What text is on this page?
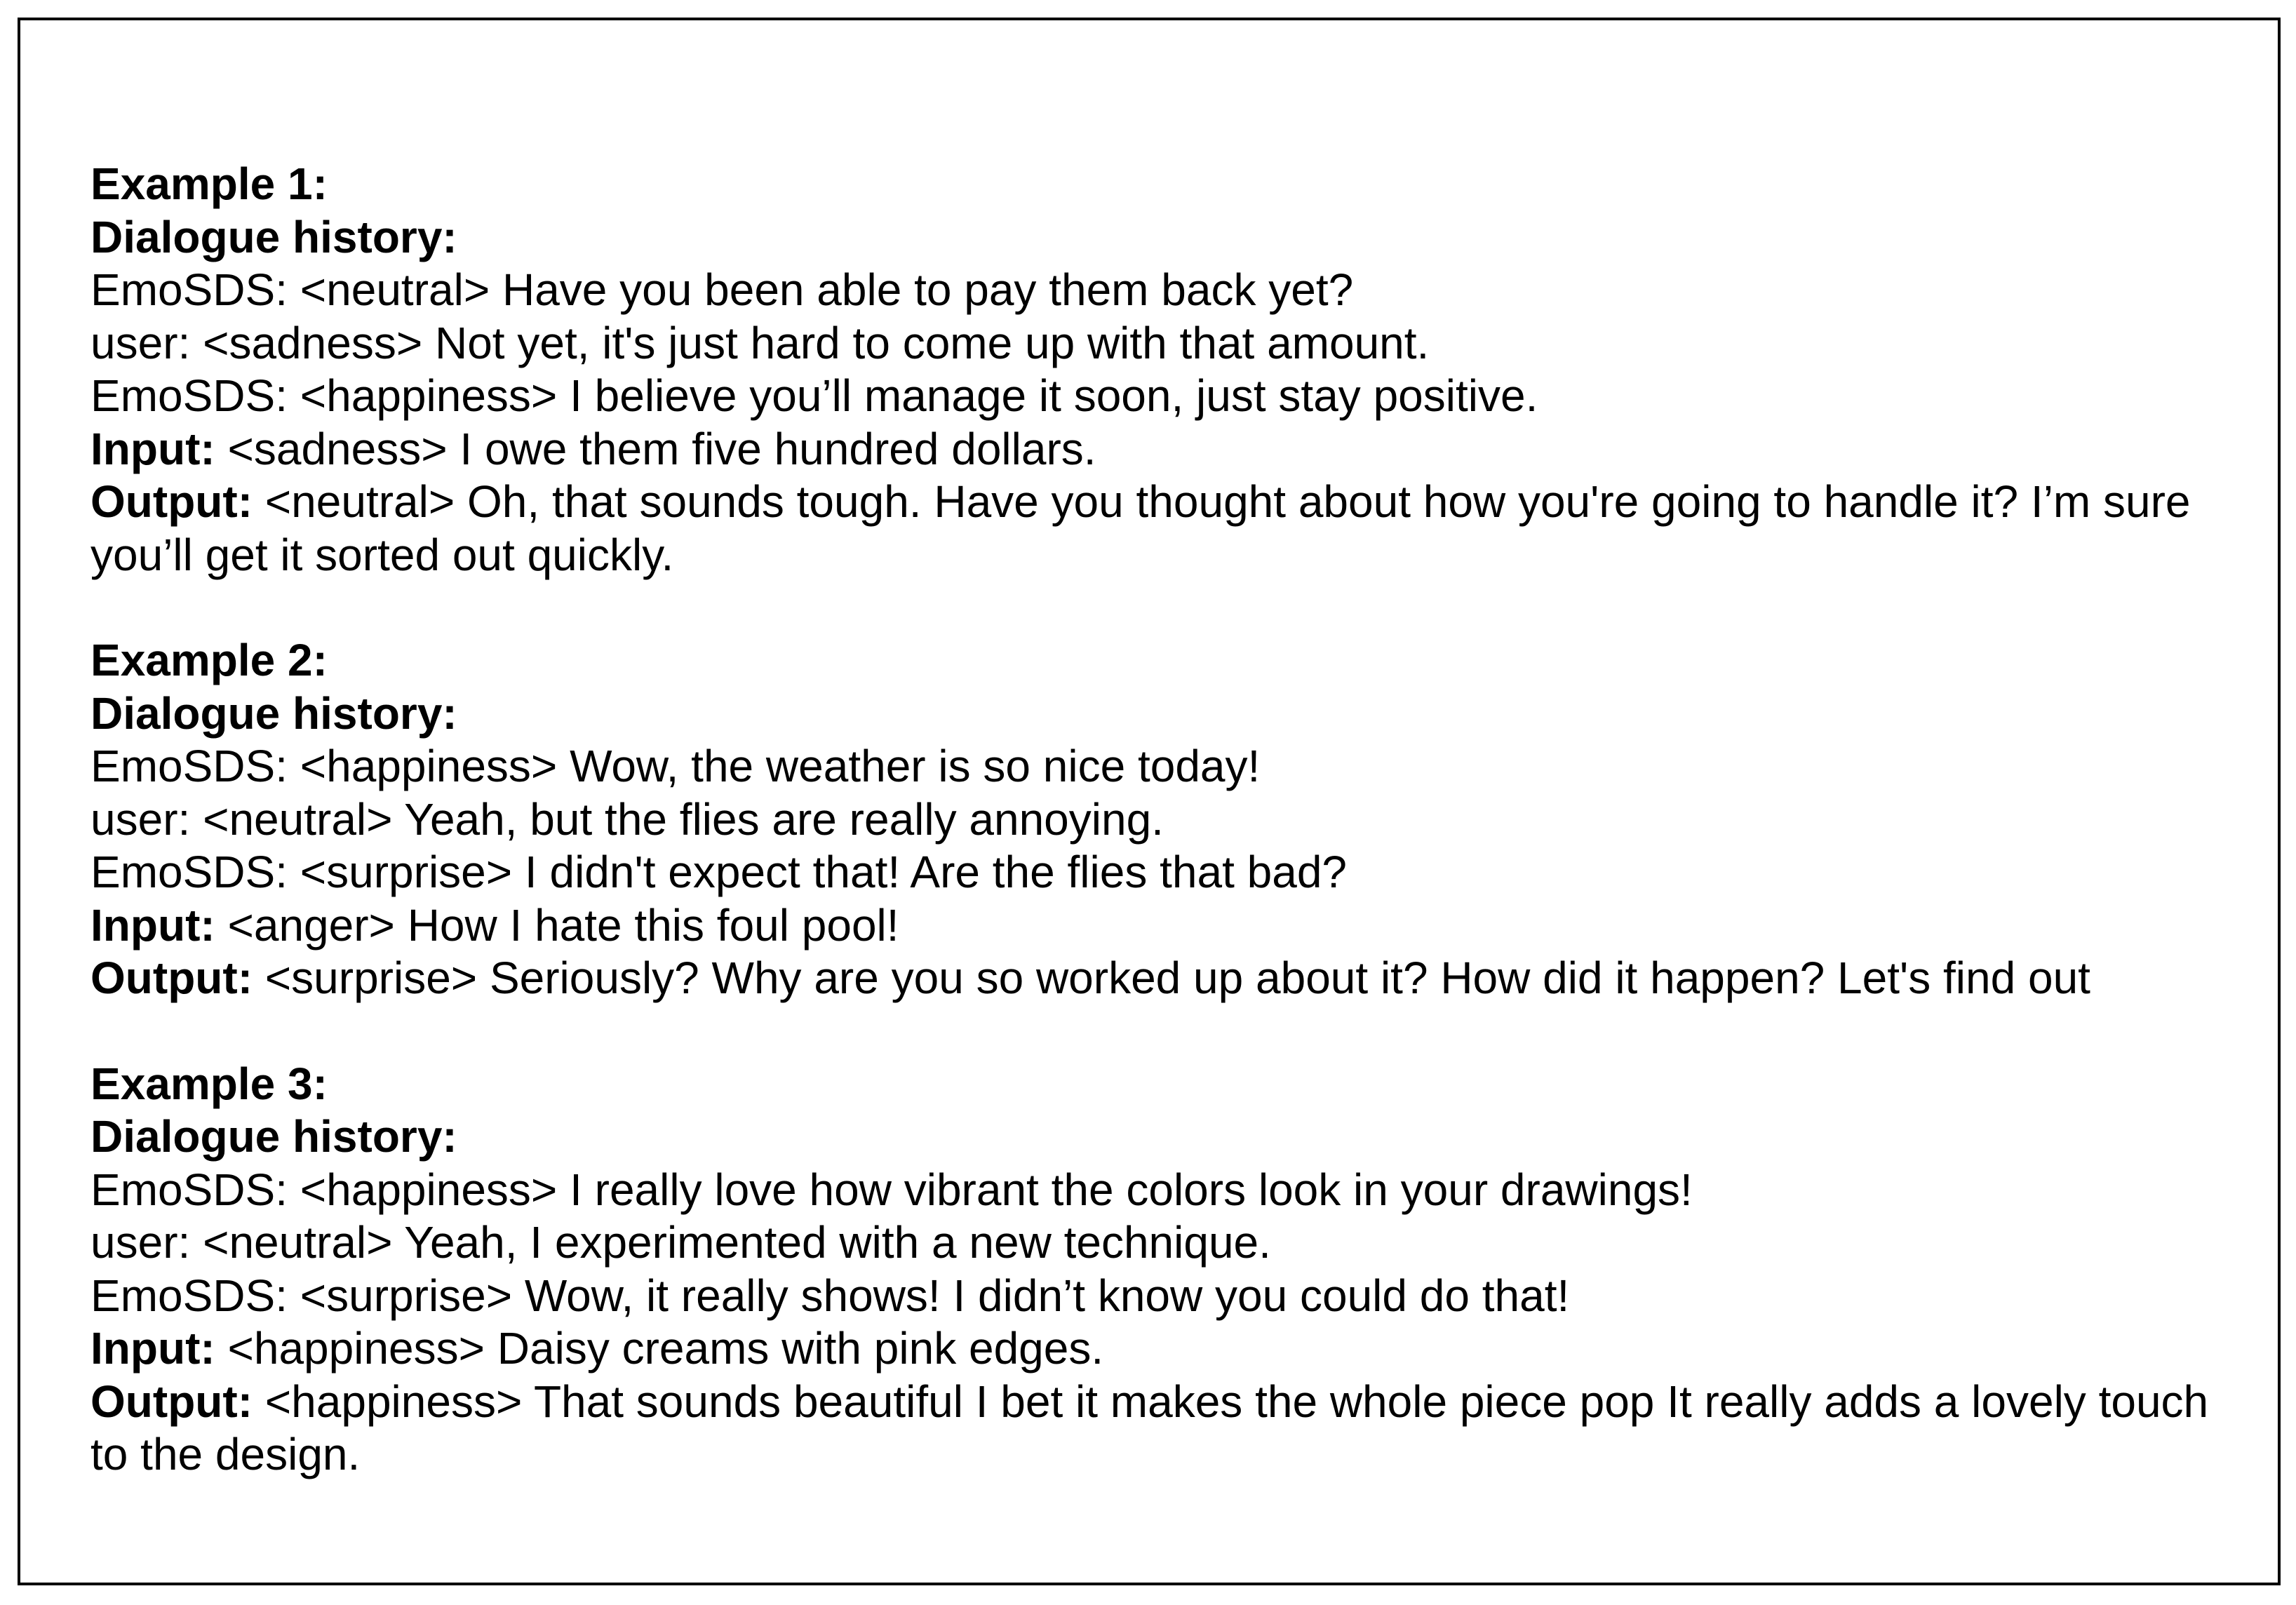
Example 1:

Dialogue history:

EmoSDS: <neutral> Have you been able to pay them back yet?

user: <sadness> Not yet, it's just hard to come up with that amount.

EmoSDS: <happiness> I believe you’ll manage it soon, just stay positive.

Input: <sadness> I owe them five hundred dollars.

Output: <neutral> Oh, that sounds tough. Have you thought about how you're going to handle it? I’m sure you’ll get it sorted out quickly.

Example 2:

Dialogue history:

EmoSDS: <happiness> Wow, the weather is so nice today!

user: <neutral> Yeah, but the flies are really annoying.

EmoSDS: <surprise> I didn't expect that! Are the flies that bad?

Input: <anger> How I hate this foul pool!

Output: <surprise> Seriously? Why are you so worked up about it? How did it happen? Let's find out

Example 3:

Dialogue history:

EmoSDS: <happiness> I really love how vibrant the colors look in your drawings!

user: <neutral> Yeah, I experimented with a new technique.

EmoSDS: <surprise> Wow, it really shows! I didn’t know you could do that!

Input: <happiness> Daisy creams with pink edges.

Output: <happiness> That sounds beautiful I bet it makes the whole piece pop It really adds a lovely touch to the design.
